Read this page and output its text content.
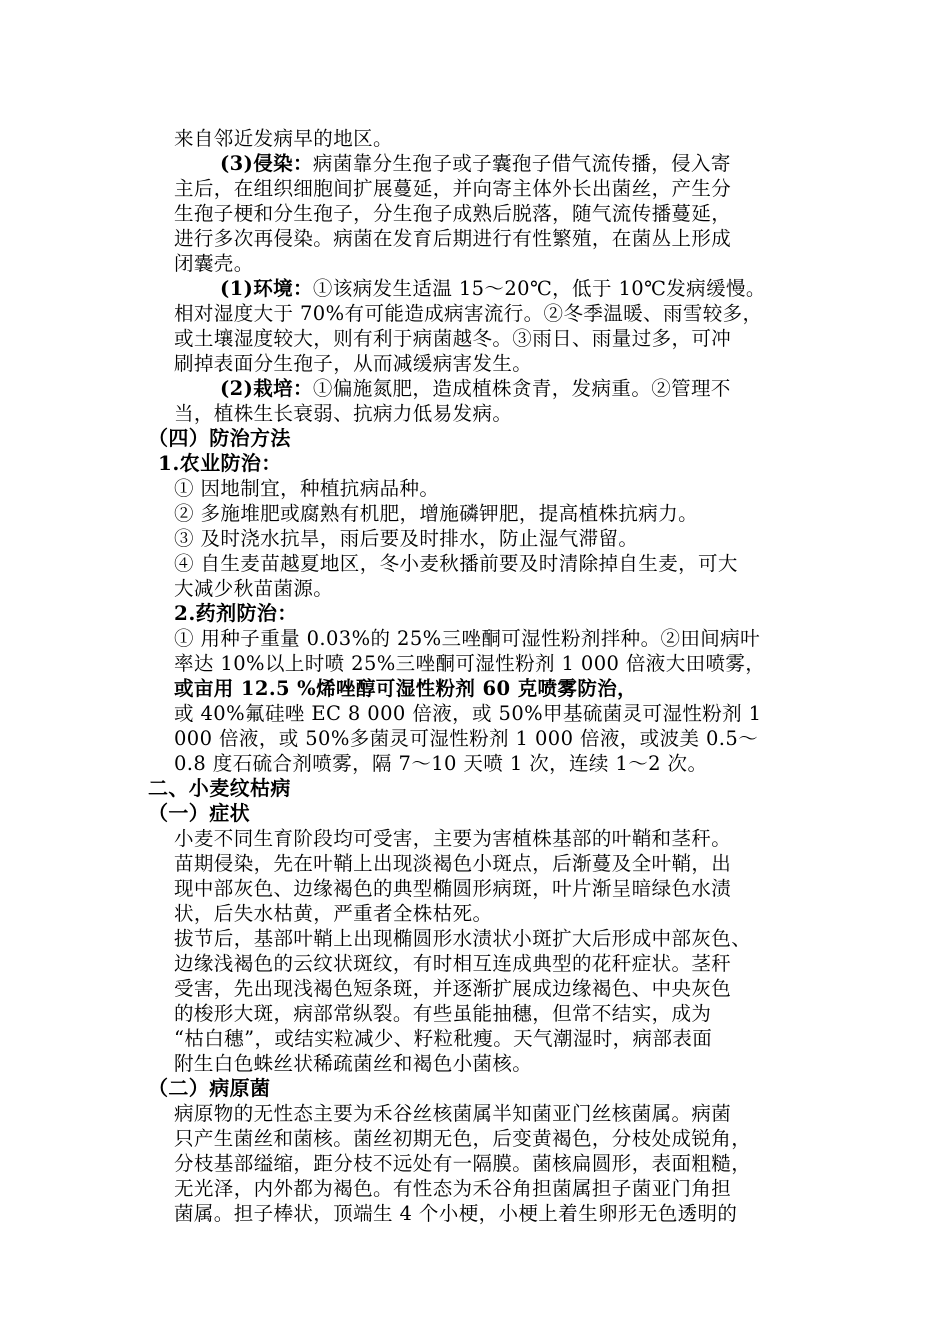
来自邻近发病早的地区。
(3)侵染：病菌靠分生孢子或子囊孢子借气流传播，侵入寄
主后，在组织细胞间扩展蔓延，并向寄主体外长出菌丝，产生分
生孢子梗和分生孢子，分生孢子成熟后脱落，随气流传播蔓延，
进行多次再侵染。病菌在发育后期进行有性繁殖，在菌丛上形成
闭囊壳。
(1)环境：①该病发生适温 15～20℃，低于 10℃发病缓慢。
相对湿度大于 70%有可能造成病害流行。②冬季温暖、雨雪较多，
或土壤湿度较大，则有利于病菌越冬。③雨日、雨量过多，可冲
刷掉表面分生孢子，从而减缓病害发生。
(2)栽培：①偏施氮肥，造成植株贪青，发病重。②管理不
当，植株生长衰弱、抗病力低易发病。
（四）防治方法
1.农业防治：
① 因地制宜，种植抗病品种。
② 多施堆肥或腐熟有机肥，增施磷钾肥，提高植株抗病力。
③ 及时浇水抗旱，雨后要及时排水，防止湿气滞留。
④ 自生麦苗越夏地区，冬小麦秋播前要及时清除掉自生麦，可大
大减少秋苗菌源。
2.药剂防治：
① 用种子重量 0.03%的 25%三唑酮可湿性粉剂拌种。②田间病叶
率达 10%以上时喷 25%三唑酮可湿性粉剂 1 000 倍液大田喷雾，
或亩用 12.5 %烯唑醇可湿性粉剂 60 克喷雾防治，
或 40%氟硅唑 EC 8 000 倍液，或 50%甲基硫菌灵可湿性粉剂 1
000 倍液，或 50%多菌灵可湿性粉剂 1 000 倍液，或波美 0.5～
0.8 度石硫合剂喷雾，隔 7～10 天喷 1 次，连续 1～2 次。
二、小麦纹枯病
（一）症状
小麦不同生育阶段均可受害，主要为害植株基部的叶鞘和茎秆。
苗期侵染，先在叶鞘上出现淡褐色小斑点，后渐蔓及全叶鞘，出
现中部灰色、边缘褐色的典型椭圆形病斑，叶片渐呈暗绿色水渍
状，后失水枯黄，严重者全株枯死。
拔节后，基部叶鞘上出现椭圆形水渍状小斑扩大后形成中部灰色、
边缘浅褐色的云纹状斑纹，有时相互连成典型的花秆症状。茎秆
受害，先出现浅褐色短条斑，并逐渐扩展成边缘褐色、中央灰色
的梭形大斑，病部常纵裂。有些虽能抽穗，但常不结实，成为
“枯白穗”，或结实粒减少、籽粒秕瘦。天气潮湿时，病部表面
附生白色蛛丝状稀疏菌丝和褐色小菌核。
（二）病原菌
病原物的无性态主要为禾谷丝核菌属半知菌亚门丝核菌属。病菌
只产生菌丝和菌核。菌丝初期无色，后变黄褐色，分枝处成锐角，
分枝基部缢缩，距分枝不远处有一隔膜。菌核扁圆形，表面粗糙，
无光泽，内外都为褐色。有性态为禾谷角担菌属担子菌亚门角担
菌属。担子棒状，顶端生 4 个小梗，小梗上着生卵形无色透明的
